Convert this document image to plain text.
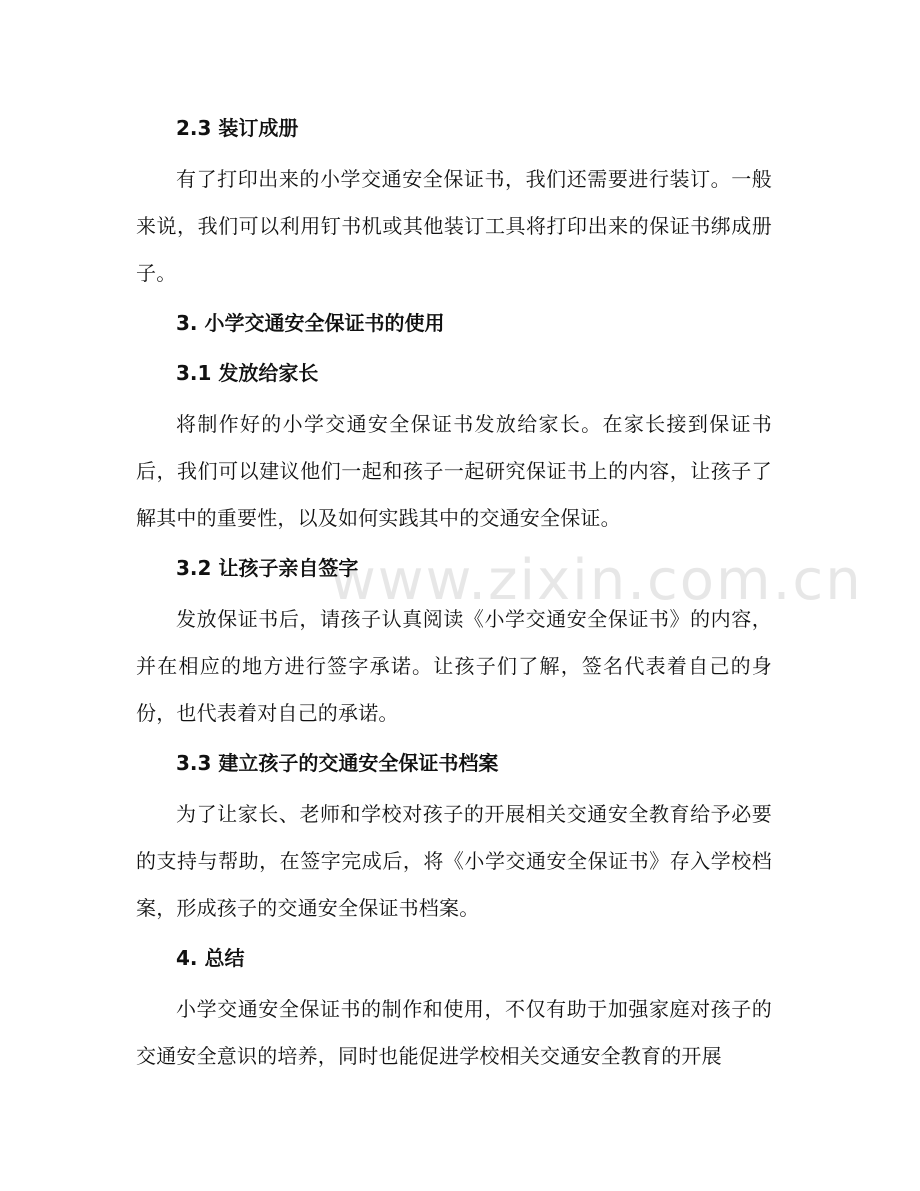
2.3 装订成册

有了打印出来的小学交通安全保证书，我们还需要进行装订。一般来说，我们可以利用钉书机或其他装订工具将打印出来的保证书绑成册子。

3. 小学交通安全保证书的使用
3.1 发放给家长

将制作好的小学交通安全保证书发放给家长。在家长接到保证书后，我们可以建议他们一起和孩子一起研究保证书上的内容，让孩子了解其中的重要性，以及如何实践其中的交通安全保证。

3.2 让孩子亲自签字

发放保证书后，请孩子认真阅读《小学交通安全保证书》的内容，并在相应的地方进行签字承诺。让孩子们了解，签名代表着自己的身份，也代表着对自己的承诺。

3.3 建立孩子的交通安全保证书档案

为了让家长、老师和学校对孩子的开展相关交通安全教育给予必要的支持与帮助，在签字完成后，将《小学交通安全保证书》存入学校档案，形成孩子的交通安全保证书档案。

4. 总结

小学交通安全保证书的制作和使用，不仅有助于加强家庭对孩子的交通安全意识的培养，同时也能促进学校相关交通安全教育的开展

www.zixin.com.cn
